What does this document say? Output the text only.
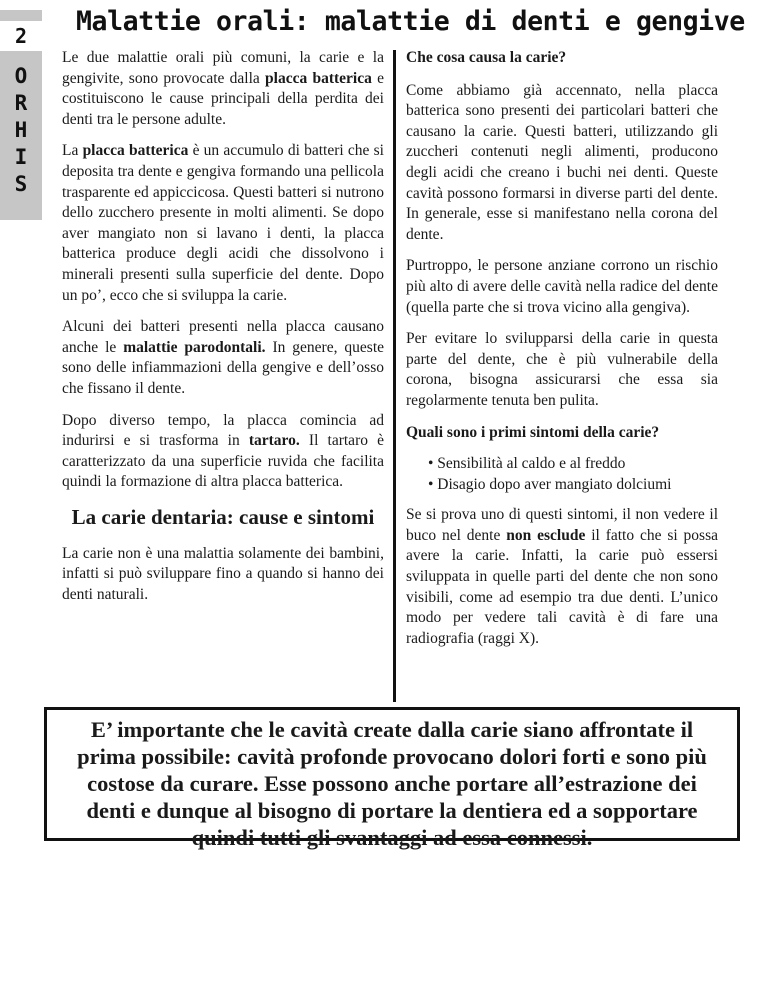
2
O
R
H
I
S
Malattie orali: malattie di denti e gengive

Le due malattie orali più comuni, la carie e la gengivite, sono provocate dalla placca batterica e costituiscono le cause principali della perdita dei denti tra le persone adulte.

La placca batterica è un accumulo di batteri che si deposita tra dente e gengiva formando una pellicola trasparente ed appiccicosa. Questi batteri si nutrono dello zucchero presente in molti alimenti. Se dopo aver mangiato non si lavano i denti, la placca batterica produce degli acidi che dissolvono i minerali presenti sulla superficie del dente. Dopo un po’, ecco che si sviluppa la carie.

Alcuni dei batteri presenti nella placca causano anche le malattie parodontali. In genere, queste sono delle infiammazioni della gengive e dell’osso che fissano il dente.

Dopo diverso tempo, la placca comincia ad indurirsi e si trasforma in tartaro. Il tartaro è caratterizzato da una superficie ruvida che facilita quindi la formazione di altra placca batterica.

La carie dentaria: cause e sintomi

La carie non è una malattia solamente dei bambini, infatti si può sviluppare fino a quando si hanno dei denti naturali.

Che cosa causa la carie?

Come abbiamo già accennato, nella placca batterica sono presenti dei particolari batteri che causano la carie. Questi batteri, utilizzando gli zuccheri contenuti negli alimenti, producono degli acidi che creano i buchi nei denti. Queste cavità possono formarsi in diverse parti del dente. In generale, esse si manifestano nella corona del dente.

Purtroppo, le persone anziane corrono un rischio più alto di avere delle cavità nella radice del dente (quella parte che si trova vicino alla gengiva).

Per evitare lo svilupparsi della carie in questa parte del dente, che è più vulnerabile della corona, bisogna assicurarsi che essa sia regolarmente tenuta ben pulita.

Quali sono i primi sintomi della carie?
• Sensibilità al caldo e al freddo
• Disagio dopo aver mangiato dolciumi

Se si prova uno di questi sintomi, il non vedere il buco nel dente non esclude il fatto che si possa avere la carie. Infatti, la carie può essersi sviluppata in quelle parti del dente che non sono visibili, come ad esempio tra due denti. L’unico modo per vedere tali cavità è di fare una radiografia (raggi X).

E’ importante che le cavità create dalla carie siano affrontate il prima possibile: cavità profonde provocano dolori forti e sono più costose da curare. Esse possono anche portare all’estrazione dei denti e dunque al bisogno di portare la dentiera ed a sopportare quindi tutti gli svantaggi ad essa connessi.
